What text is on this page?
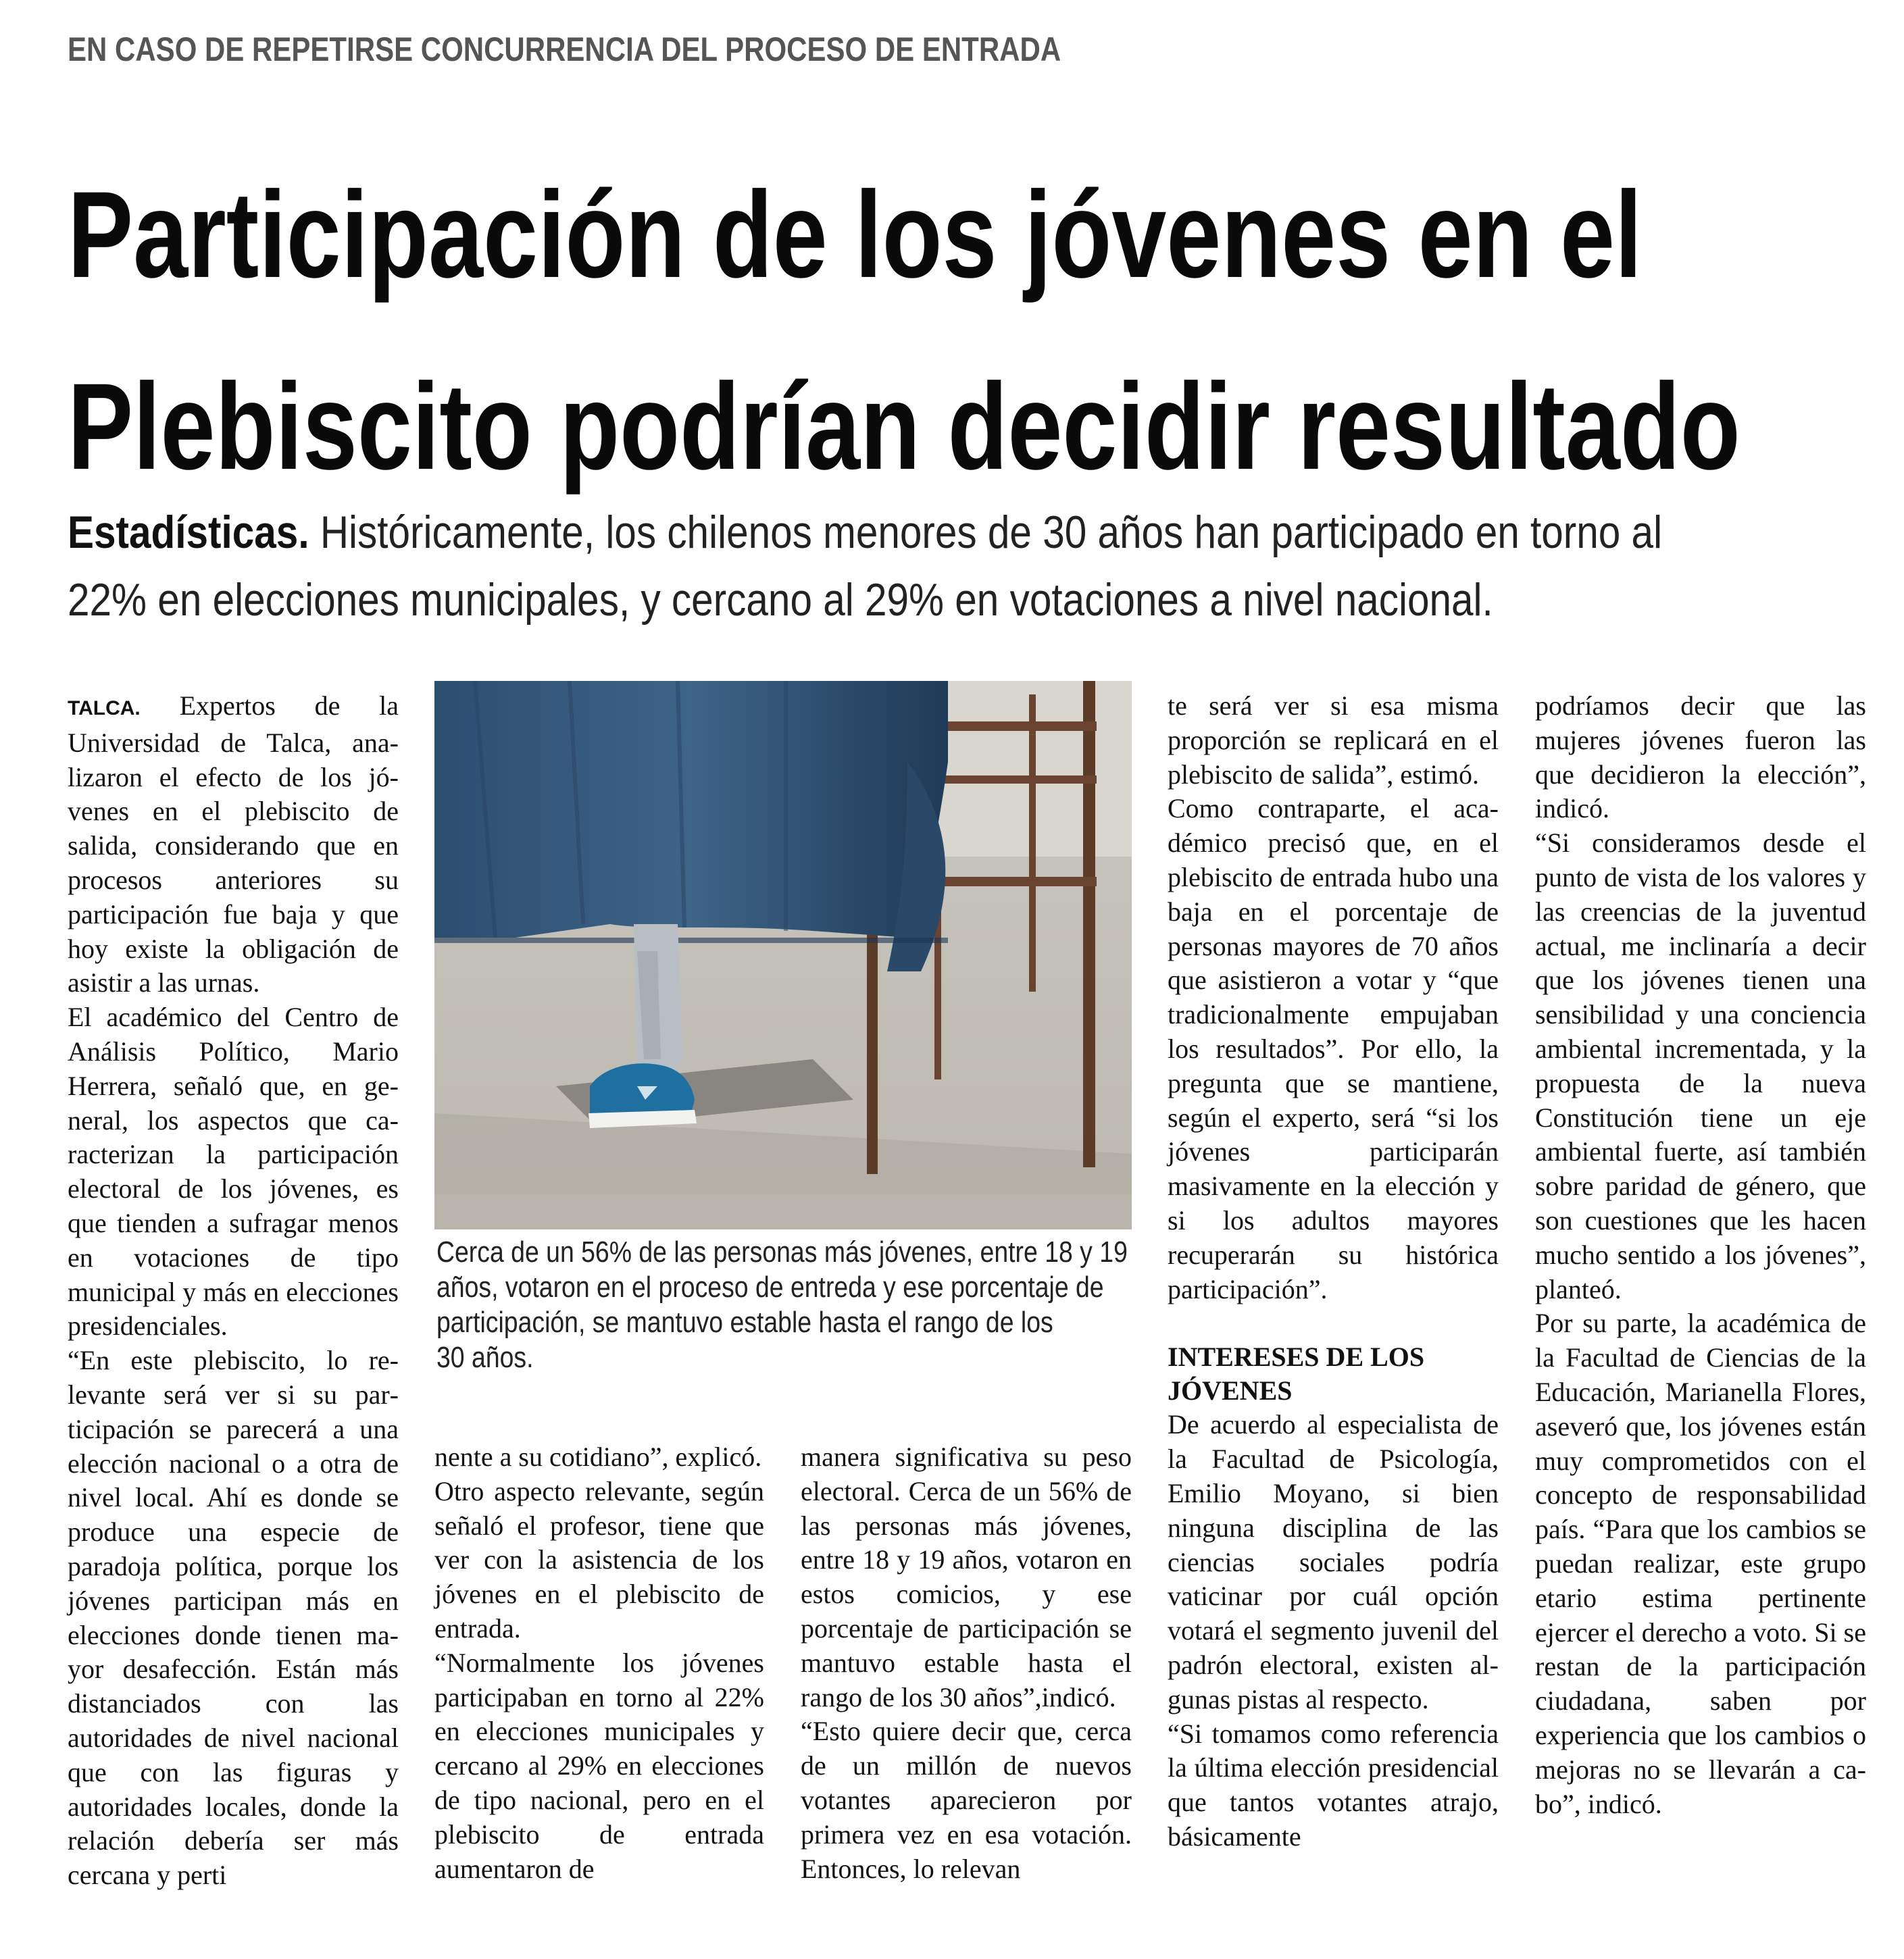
EN CASO DE REPETIRSE CONCURRENCIA DEL PROCESO DE ENTRADA
Participación de los jóvenes en el
Plebiscito podrían decidir resultado
Estadísticas. Históricamente, los chilenos menores de 30 años han participado en torno al
22% en elecciones municipales, y cercano al 29% en votaciones a nivel nacional.

TALCA. Expertos de la Universidad de Talca, analizaron el efecto de los jóvenes en el plebiscito de salida, considerando que en procesos anteriores su participación fue baja y que hoy existe la obligación de asistir a las urnas.

El académico del Centro de Análisis Político, Mario Herrera, señaló que, en general, los aspectos que caracterizan la participación electoral de los jóvenes, es que tienden a sufragar menos en votaciones de tipo municipal y más en elecciones presidenciales.

“En este plebiscito, lo relevante será ver si su participación se parecerá a una elección nacional o a otra de nivel local. Ahí es donde se produce una especie de paradoja política, porque los jóvenes participan más en elecciones donde tienen mayor desafección. Están más distanciados con las autoridades de nivel nacional que con las figuras y autoridades locales, donde la relación debería ser más cercana y perti

Cerca de un 56% de las personas más jóvenes, entre 18 y 19
años, votaron en el proceso de entreda y ese porcentaje de
participación, se mantuvo estable hasta el rango de los
30 años.

nente a su cotidiano”, explicó.

Otro aspecto relevante, según señaló el profesor, tiene que ver con la asistencia de los jóvenes en el plebiscito de entrada.

“Normalmente los jóvenes participaban en torno al 22% en elecciones municipales y cercano al 29% en elecciones de tipo nacional, pero en el plebiscito de entrada aumentaron de

manera significativa su peso electoral. Cerca de un 56% de las personas más jóvenes, entre 18 y 19 años, votaron en estos comicios, y ese porcentaje de participación se mantuvo estable hasta el rango de los 30 años”,indicó.

“Esto quiere decir que, cerca de un millón de nuevos votantes aparecieron por primera vez en esa votación. Entonces, lo relevan

te será ver si esa misma proporción se replicará en el plebiscito de salida”, estimó.

Como contraparte, el académico precisó que, en el plebiscito de entrada hubo una baja en el porcentaje de personas mayores de 70 años que asistieron a votar y “que tradicionalmente empujaban los resultados”. Por ello, la pregunta que se mantiene, según el experto, será “si los jóvenes participarán masivamente en la elección y si los adultos mayores recuperarán su histórica participación”.

INTERESES DE LOS JÓVENES

De acuerdo al especialista de la Facultad de Psicología, Emilio Moyano, si bien ninguna disciplina de las ciencias sociales podría vaticinar por cuál opción votará el segmento juvenil del padrón electoral, existen algunas pistas al respecto.

“Si tomamos como referencia la última elección presidencial que tantos votantes atrajo, básicamente

podríamos decir que las mujeres jóvenes fueron las que decidieron la elección”, indicó.

“Si consideramos desde el punto de vista de los valores y las creencias de la juventud actual, me inclinaría a decir que los jóvenes tienen una sensibilidad y una conciencia ambiental incrementada, y la propuesta de la nueva Constitución tiene un eje ambiental fuerte, así también sobre paridad de género, que son cuestiones que les hacen mucho sentido a los jóvenes”, planteó.

Por su parte, la académica de la Facultad de Ciencias de la Educación, Marianella Flores, aseveró que, los jóvenes están muy comprometidos con el concepto de responsabilidad país. “Para que los cambios se puedan realizar, este grupo etario estima pertinente ejercer el derecho a voto. Si se restan de la participación ciudadana, saben por experiencia que los cambios o mejoras no se llevarán a cabo”, indicó.
